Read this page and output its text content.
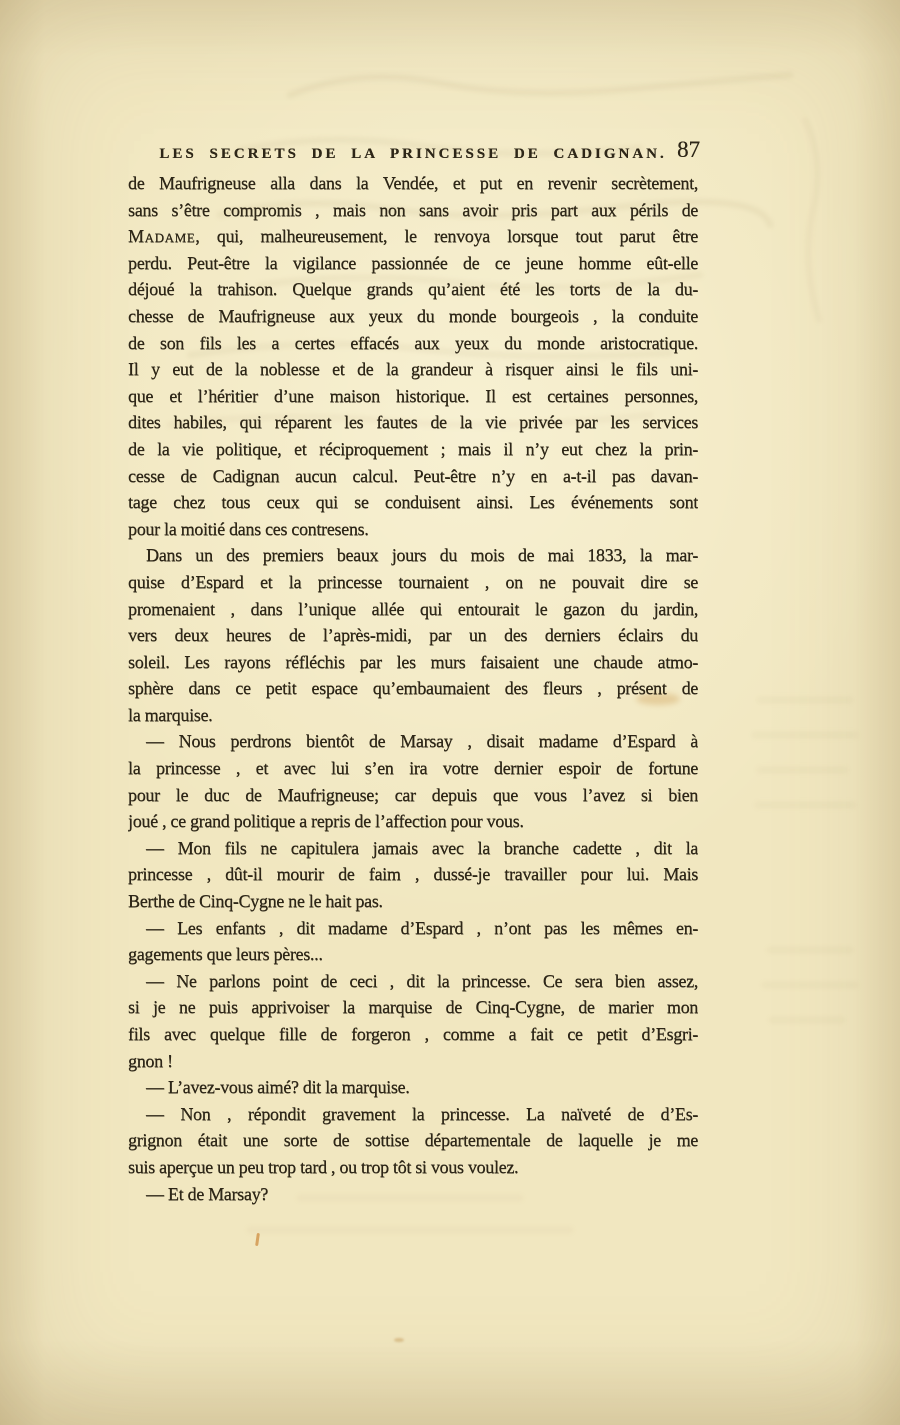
LES SECRETS DE LA PRINCESSE DE CADIGNAN. 87
de Maufrigneuse alla dans la Vendée, et put en revenir secrètement,
sans s’être compromis , mais non sans avoir pris part aux périls de
Madame, qui, malheureusement, le renvoya lorsque tout parut être
perdu. Peut-être la vigilance passionnée de ce jeune homme eût-elle
déjoué la trahison. Quelque grands qu’aient été les torts de la du-
chesse de Maufrigneuse aux yeux du monde bourgeois , la conduite
de son fils les a certes effacés aux yeux du monde aristocratique.
Il y eut de la noblesse et de la grandeur à risquer ainsi le fils uni-
que et l’héritier d’une maison historique. Il est certaines personnes,
dites habiles, qui réparent les fautes de la vie privée par les services
de la vie politique, et réciproquement ; mais il n’y eut chez la prin-
cesse de Cadignan aucun calcul. Peut-être n’y en a-t-il pas davan-
tage chez tous ceux qui se conduisent ainsi. Les événements sont
pour la moitié dans ces contresens.
Dans un des premiers beaux jours du mois de mai 1833, la mar-
quise d’Espard et la princesse tournaient , on ne pouvait dire se
promenaient , dans l’unique allée qui entourait le gazon du jardin,
vers deux heures de l’après-midi, par un des derniers éclairs du
soleil. Les rayons réfléchis par les murs faisaient une chaude atmo-
sphère dans ce petit espace qu’embaumaient des fleurs , présent de
la marquise.
— Nous perdrons bientôt de Marsay , disait madame d’Espard à
la princesse , et avec lui s’en ira votre dernier espoir de fortune
pour le duc de Maufrigneuse; car depuis que vous l’avez si bien
joué , ce grand politique a repris de l’affection pour vous.
— Mon fils ne capitulera jamais avec la branche cadette , dit la
princesse , dût-il mourir de faim , dussé-je travailler pour lui. Mais
Berthe de Cinq-Cygne ne le hait pas.
— Les enfants , dit madame d’Espard , n’ont pas les mêmes en-
gagements que leurs pères...
— Ne parlons point de ceci , dit la princesse. Ce sera bien assez,
si je ne puis apprivoiser la marquise de Cinq-Cygne, de marier mon
fils avec quelque fille de forgeron , comme a fait ce petit d’Esgri-
gnon !
— L’avez-vous aimé? dit la marquise.
— Non , répondit gravement la princesse. La naïveté de d’Es-
grignon était une sorte de sottise départementale de laquelle je me
suis aperçue un peu trop tard , ou trop tôt si vous voulez.
— Et de Marsay?
